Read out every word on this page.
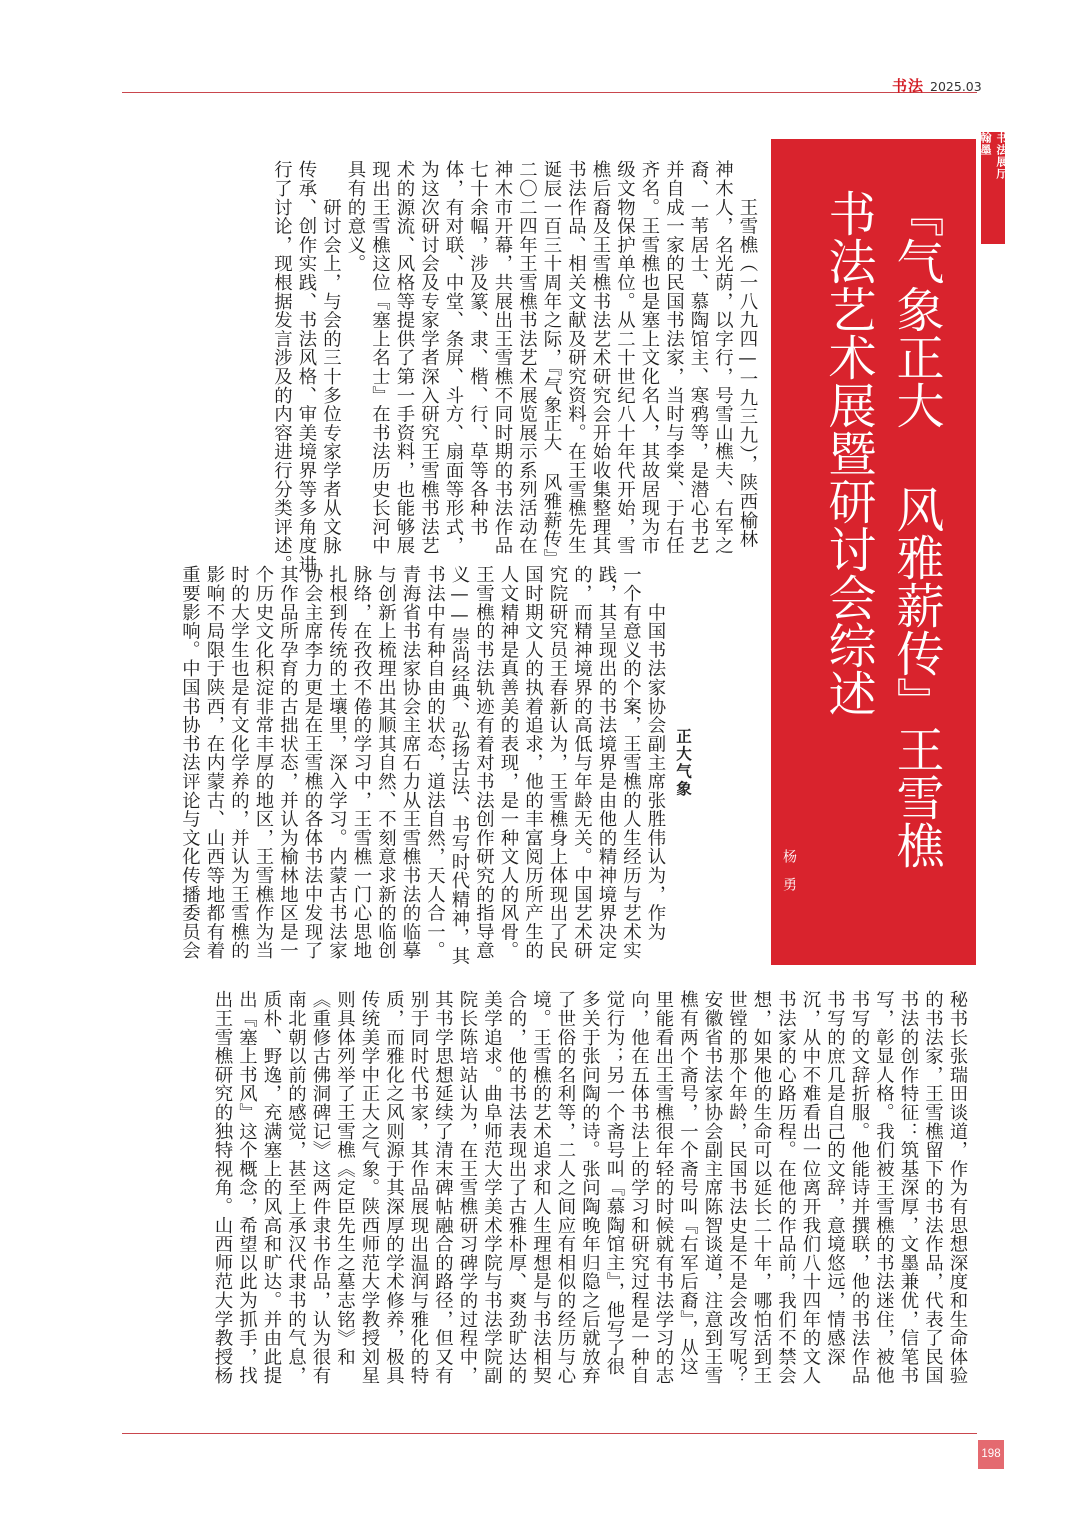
书法 2025.03
书法展厅
翰墨
『气象正大 风雅薪传』王雪樵
书法艺术展暨研讨会综述
杨　勇
正大气象
　　王雪樵（一八九四—一九三九），陕西榆林
神木人，名光荫，以字行，号雪山樵夫、右军之
裔、一苇居士、慕陶馆主、寒鸦等，是潜心书艺
并自成一家的民国书法家，当时与李棠、于右任
齐名。王雪樵也是塞上文化名人，其故居现为市
级文物保护单位。从二十世纪八十年代开始，雪
樵后裔及王雪樵书法艺术研究会开始收集整理其
书法作品、相关文献及研究资料。在王雪樵先生
诞辰一百三十周年之际，『气象正大 风雅薪传』
二〇二四年王雪樵书法艺术展览展示系列活动在
神木市开幕，共展出王雪樵不同时期的书法作品
七十余幅，涉及篆、隶、楷、行、草等各种书
体，有对联、中堂、条屏、斗方、扇面等形式，
为这次研讨会及专家学者深入研究王雪樵书法艺
术的源流、风格等提供了第一手资料，也能够展
现出王雪樵这位『塞上名士』在书法历史长河中
具有的意义。
　　研讨会上，与会的三十多位专家学者从文脉
传承、创作实践、书法风格、审美境界等多角度进
行了讨论，现根据发言涉及的内容进行分类评述。
　　中国书法家协会副主席张胜伟认为，作为
一个有意义的个案，王雪樵的人生经历与艺术实
践，其呈现出的书法境界是由他的精神境界决定
的，而精神境界的高低与年龄无关。中国艺术研
究院研究员王春新认为，王雪樵身上体现出了民
国时期文人的执着追求，他的丰富阅历所产生的
人文精神是真善美的表现，是一种文人的风骨。
王雪樵的书法轨迹有着对书法创作研究的指导意
义——崇尚经典、弘扬古法、书写时代精神，其
书法中有种自由的状态，道法自然，天人合一。
青海省书法家协会主席石力从王雪樵书法的临摹
与创新上梳理出其顺其自然、不刻意求新的临创
脉络，在孜孜不倦的学习中，王雪樵一门心思地
扎根到传统的土壤里，深入学习。内蒙古书法家
协会主席李力更是在王雪樵的各体书法中发现了
其作品所孕育的古拙状态，并认为榆林地区是一
个历史文化积淀非常丰厚的地区，王雪樵作为当
时的大学生也是有文化学养的，并认为王雪樵的
影响不局限于陕西，在内蒙古、山西等地都有着
重要影响。中国书协书法评论与文化传播委员会
秘书长张瑞田谈道，作为有思想深度和生命体验
的书法家，王雪樵留下的书法作品，代表了民国
书法的创作特征：筑基深厚，文墨兼优，信笔书
写，彰显人格。我们被王雪樵的书法迷住，被他
书写的文辞折服。他能诗并撰联，他的书法作品
书写的庶几是自己的文辞，意境悠远，情感深
沉，从中不难看出一位离开我们八十四年的文人
书法家的心路历程。在他的作品前，我们不禁会
想，如果他的生命可以延长二十年，哪怕活到王
世镗的那个年龄，民国书法史是不是会改写呢？
安徽省书法家协会副主席陈智谈道，注意到王雪
樵有两个斋号，一个斋号叫『右军后裔』，从这
里能看出王雪樵很年轻的时候就有书法学习的志
向，他在五体书法上的学习和研究过程是一种自
觉行为；另一个斋号叫『慕陶馆主』，他写了很
多关于张问陶的诗。张问陶晚年归隐之后就放弃
了世俗的名利等，二人之间应有相似的经历与心
境。王雪樵的艺术追求和人生理想是与书法相契
合的，他的书法表现出了古雅朴厚、爽劲旷达的
美学追求。曲阜师范大学美术学院与书法学院副
院长陈培站认为，在王雪樵研习碑学的过程中，
其书学思想延续了清末碑帖融合的路径，但又有
别于同时代书家，其作品展现出温润与雅化的特
质，而雅化之风则源于其深厚的学术修养，极具
传统美学中正大之气象。陕西师范大学教授刘星
则具体列举了王雪樵《定臣先生之墓志铭》和
《重修古佛洞碑记》这两件隶书作品，认为很有
南北朝以前的感觉，甚至上承汉代隶书的气息，
质朴、野逸，充满塞上的风高和旷达。并由此提
出『塞上书风』这个概念，希望以此为抓手，找
出王雪樵研究的独特视角。山西师范大学教授杨
198
